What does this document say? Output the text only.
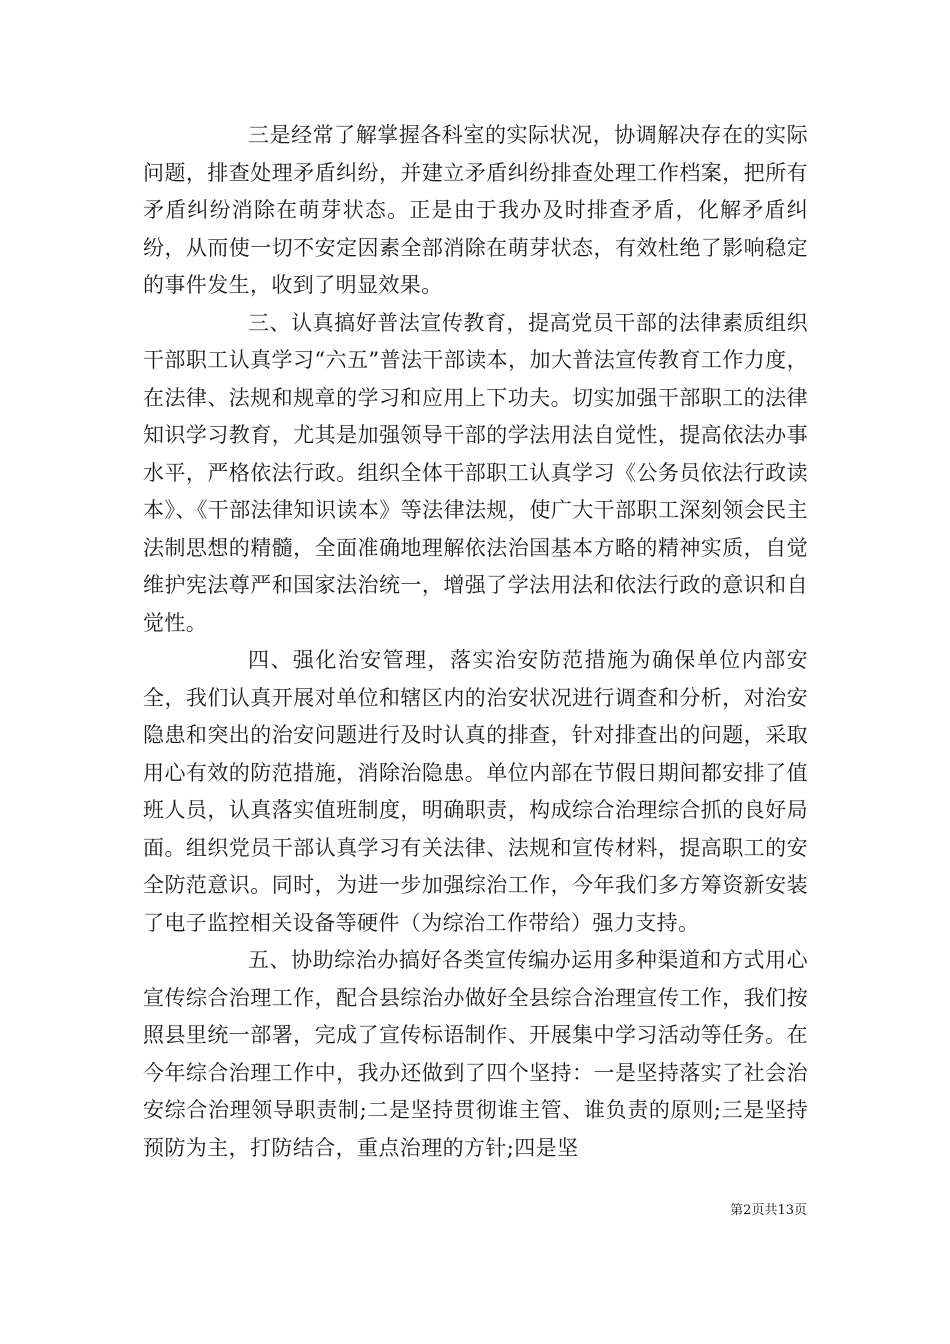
三是经常了解掌握各科室的实际状况，协调解决存在的实际问题，排查处理矛盾纠纷，并建立矛盾纠纷排查处理工作档案，把所有矛盾纠纷消除在萌芽状态。正是由于我办及时排查矛盾，化解矛盾纠纷，从而使一切不安定因素全部消除在萌芽状态，有效杜绝了影响稳定的事件发生，收到了明显效果。

三、认真搞好普法宣传教育，提高党员干部的法律素质组织干部职工认真学习“六五”普法干部读本，加大普法宣传教育工作力度，在法律、法规和规章的学习和应用上下功夫。切实加强干部职工的法律知识学习教育，尤其是加强领导干部的学法用法自觉性，提高依法办事水平，严格依法行政。组织全体干部职工认真学习《公务员依法行政读本》、《干部法律知识读本》等法律法规，使广大干部职工深刻领会民主法制思想的精髓，全面准确地理解依法治国基本方略的精神实质，自觉维护宪法尊严和国家法治统一，增强了学法用法和依法行政的意识和自觉性。

四、强化治安管理，落实治安防范措施为确保单位内部安全，我们认真开展对单位和辖区内的治安状况进行调查和分析，对治安隐患和突出的治安问题进行及时认真的排查，针对排查出的问题，采取用心有效的防范措施，消除治隐患。单位内部在节假日期间都安排了值班人员，认真落实值班制度，明确职责，构成综合治理综合抓的良好局面。组织党员干部认真学习有关法律、法规和宣传材料，提高职工的安全防范意识。同时，为进一步加强综治工作，今年我们多方筹资新安装了电子监控相关设备等硬件（为综治工作带给）强力支持。

五、协助综治办搞好各类宣传编办运用多种渠道和方式用心宣传综合治理工作，配合县综治办做好全县综合治理宣传工作，我们按照县里统一部署，完成了宣传标语制作、开展集中学习活动等任务。在今年综合治理工作中，我办还做到了四个坚持：一是坚持落实了社会治安综合治理领导职责制;二是坚持贯彻谁主管、谁负责的原则;三是坚持预防为主，打防结合，重点治理的方针;四是坚

第2页共13页
